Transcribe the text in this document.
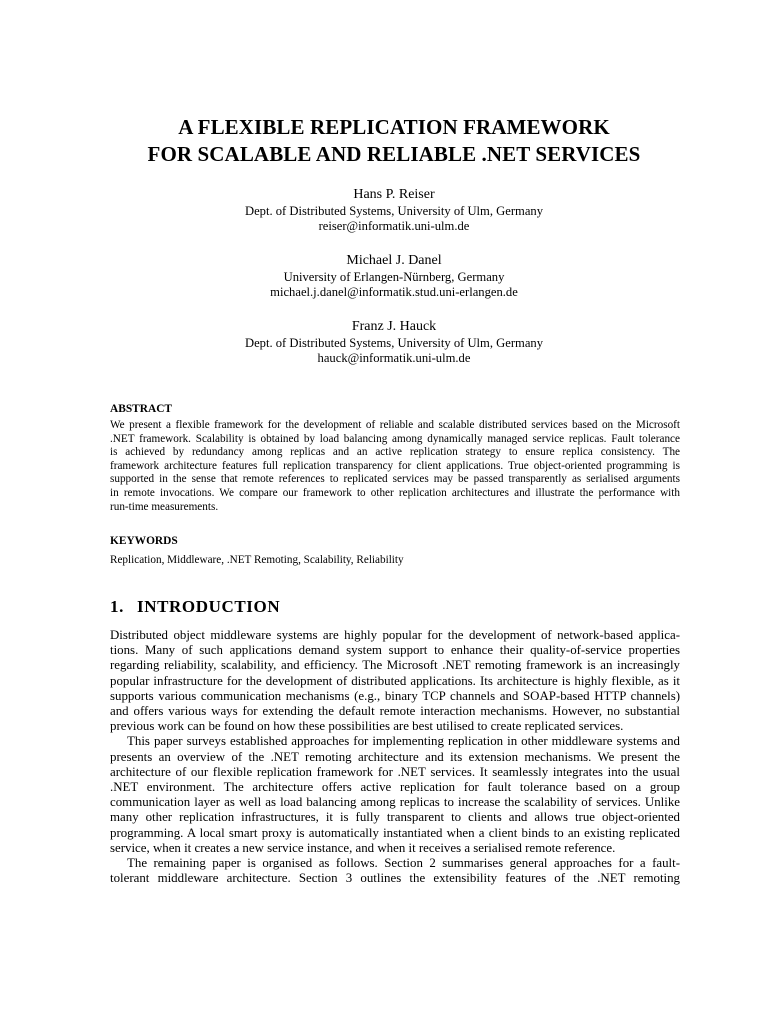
A FLEXIBLE REPLICATION FRAMEWORK
FOR SCALABLE AND RELIABLE .NET SERVICES
Hans P. Reiser
Dept. of Distributed Systems, University of Ulm, Germany
reiser@informatik.uni-ulm.de
Michael J. Danel
University of Erlangen-Nürnberg, Germany
michael.j.danel@informatik.stud.uni-erlangen.de
Franz J. Hauck
Dept. of Distributed Systems, University of Ulm, Germany
hauck@informatik.uni-ulm.de
ABSTRACT
We present a flexible framework for the development of reliable and scalable distributed services based on the Microsoft
.NET framework. Scalability is obtained by load balancing among dynamically managed service replicas. Fault tolerance
is achieved by redundancy among replicas and an active replication strategy to ensure replica consistency. The
framework architecture features full replication transparency for client applications. True object-oriented programming is
supported in the sense that remote references to replicated services may be passed transparently as serialised arguments
in remote invocations. We compare our framework to other replication architectures and illustrate the performance with
run-time measurements.
KEYWORDS
Replication, Middleware, .NET Remoting, Scalability, Reliability
1. INTRODUCTION
Distributed object middleware systems are highly popular for the development of network-based applica-
tions. Many of such applications demand system support to enhance their quality-of-service properties
regarding reliability, scalability, and efficiency. The Microsoft .NET remoting framework is an increasingly
popular infrastructure for the development of distributed applications. Its architecture is highly flexible, as it
supports various communication mechanisms (e.g., binary TCP channels and SOAP-based HTTP channels)
and offers various ways for extending the default remote interaction mechanisms. However, no substantial
previous work can be found on how these possibilities are best utilised to create replicated services.
This paper surveys established approaches for implementing replication in other middleware systems and
presents an overview of the .NET remoting architecture and its extension mechanisms. We present the
architecture of our flexible replication framework for .NET services. It seamlessly integrates into the usual
.NET environment. The architecture offers active replication for fault tolerance based on a group
communication layer as well as load balancing among replicas to increase the scalability of services. Unlike
many other replication infrastructures, it is fully transparent to clients and allows true object-oriented
programming. A local smart proxy is automatically instantiated when a client binds to an existing replicated
service, when it creates a new service instance, and when it receives a serialised remote reference.
The remaining paper is organised as follows. Section 2 summarises general approaches for a fault-
tolerant middleware architecture. Section 3 outlines the extensibility features of the .NET remoting
